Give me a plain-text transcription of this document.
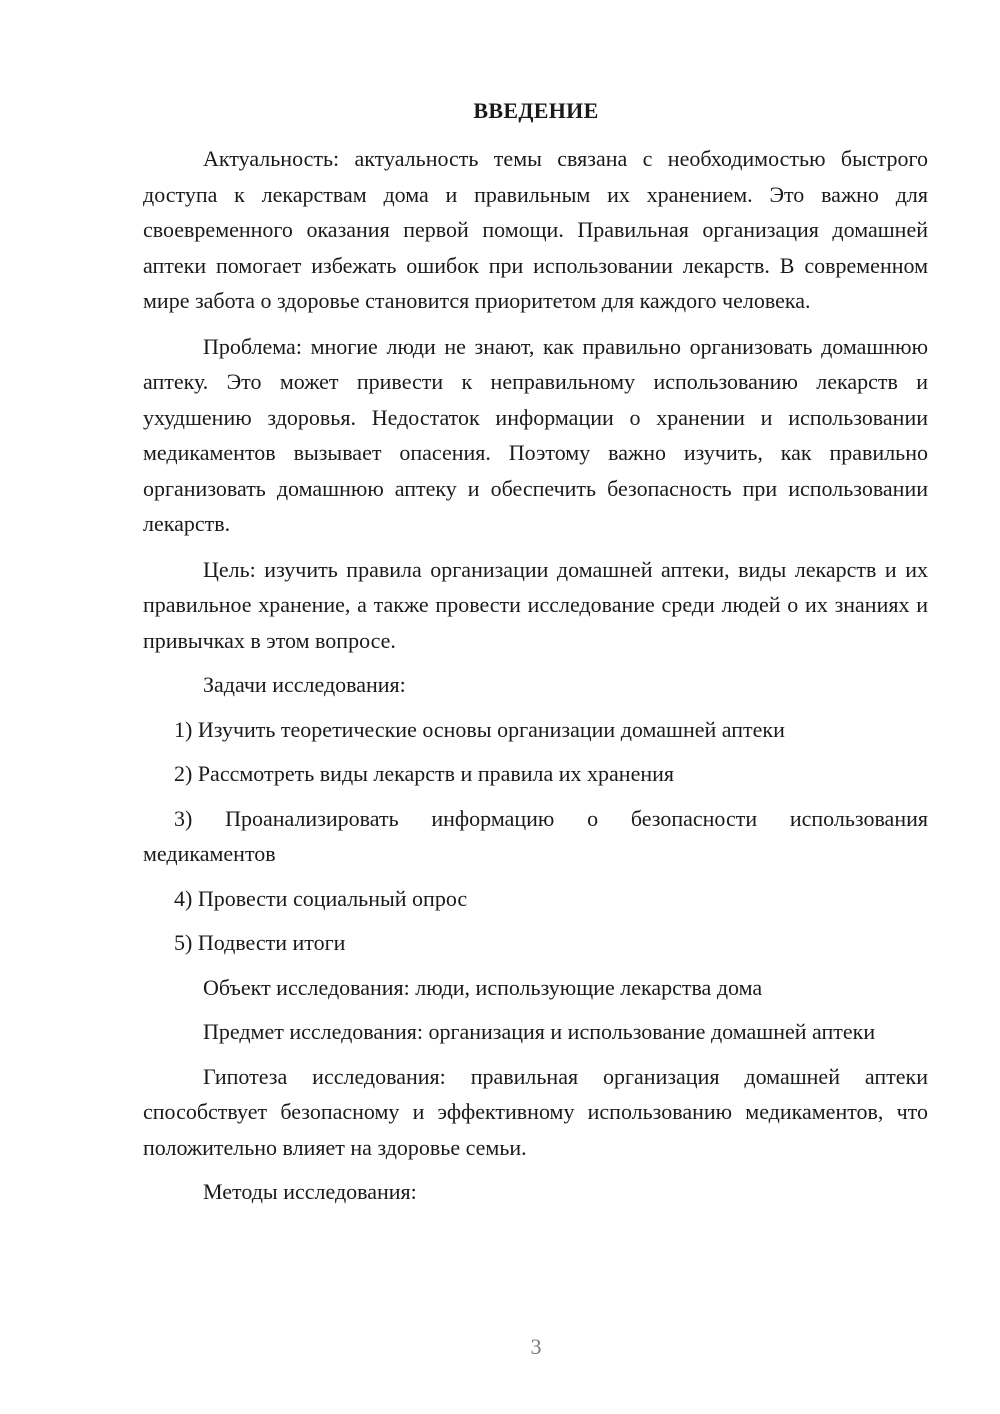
ВВЕДЕНИЕ

Актуальность: актуальность темы связана с необходимостью быстрого доступа к лекарствам дома и правильным их хранением. Это важно для своевременного оказания первой помощи. Правильная организация домашней аптеки помогает избежать ошибок при использовании лекарств. В современном мире забота о здоровье становится приоритетом для каждого человека.

Проблема: многие люди не знают, как правильно организовать домашнюю аптеку. Это может привести к неправильному использованию лекарств и ухудшению здоровья. Недостаток информации о хранении и использовании медикаментов вызывает опасения. Поэтому важно изучить, как правильно организовать домашнюю аптеку и обеспечить безопасность при использовании лекарств.

Цель: изучить правила организации домашней аптеки, виды лекарств и их правильное хранение, а также провести исследование среди людей о их знаниях и привычках в этом вопросе.

Задачи исследования:

1) Изучить теоретические основы организации домашней аптеки

2) Рассмотреть виды лекарств и правила их хранения

3) Проанализировать информацию о безопасности использования медикаментов

4) Провести социальный опрос

5) Подвести итоги

Объект исследования: люди, использующие лекарства дома

Предмет исследования: организация и использование домашней аптеки

Гипотеза исследования: правильная организация домашней аптеки способствует безопасному и эффективному использованию медикаментов, что положительно влияет на здоровье семьи.

Методы исследования:

3
